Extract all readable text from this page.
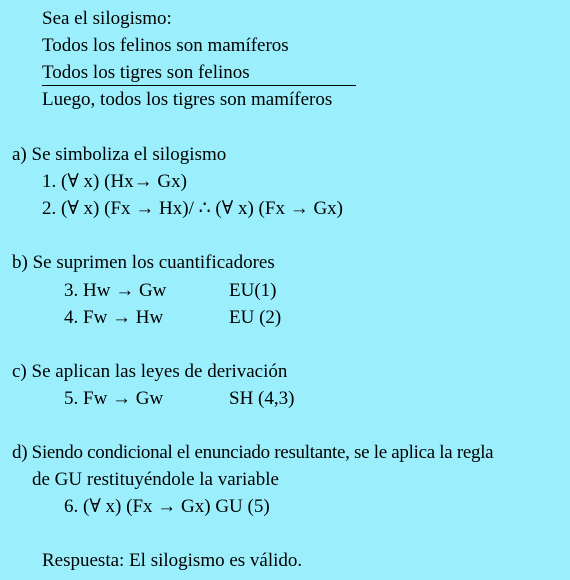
Sea el silogismo:
Todos los felinos son mamíferos
Todos los tigres son felinos
Luego, todos los tigres son mamíferos
a) Se simboliza el silogismo
1. (∀ x) (Hx→ Gx)
2. (∀ x) (Fx → Hx)/ ∴ (∀ x) (Fx → Gx)
b) Se suprimen los cuantificadores
3. Hw → Gw	EU(1)
4. Fw → Hw	EU (2)
c) Se aplican las leyes de derivación
5. Fw → Gw	SH (4,3)
d) Siendo condicional el enunciado resultante, se le aplica la regla
de GU restituyéndole la variable
6. (∀ x) (Fx → Gx) GU (5)
Respuesta: El silogismo es válido.
